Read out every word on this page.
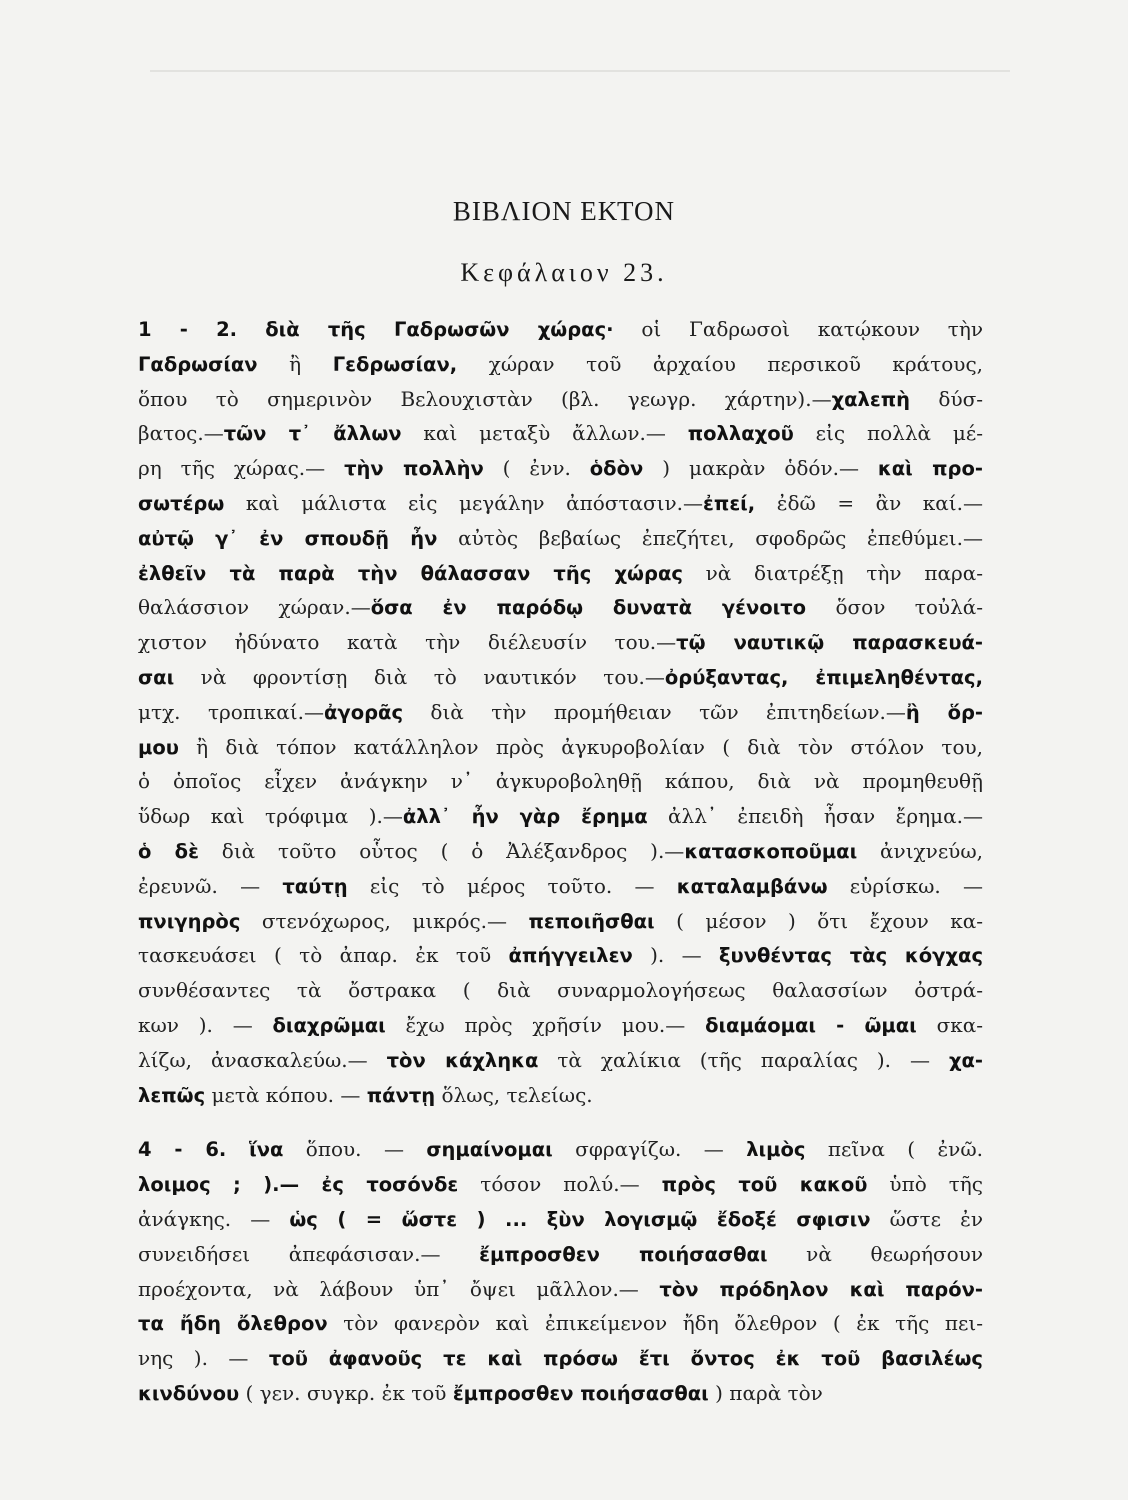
ΒΙΒΛΙΟΝ ΕΚΤΟΝ
Κεφάλαιον 23.
1 - 2. διὰ τῆς Γαδρωσῶν χώρας· οἱ Γαδρωσοὶ κατῴκουν τὴν
Γαδρωσίαν ἢ Γεδρωσίαν, χώραν τοῦ ἀρχαίου περσικοῦ κράτους,
ὅπου τὸ σημερινὸν Βελουχιστὰν (βλ. γεωγρ. χάρτην).—χαλεπὴ δύσ-
βατος.—τῶν τ᾽ ἄλλων καὶ μεταξὺ ἄλλων.— πολλαχοῦ εἰς πολλὰ μέ-
ρη τῆς χώρας.— τὴν πολλὴν ( ἐνν. ὁδὸν ) μακρὰν ὁδόν.— καὶ προ-
σωτέρω καὶ μάλιστα εἰς μεγάλην ἀπόστασιν.—ἐπεί, ἐδῶ = ἂν καί.—
αὐτῷ γ᾽ ἐν σπουδῇ ἦν αὐτὸς βεβαίως ἐπεζήτει, σφοδρῶς ἐπεθύμει.—
ἐλθεῖν τὰ παρὰ τὴν θάλασσαν τῆς χώρας νὰ διατρέξῃ τὴν παρα-
θαλάσσιον χώραν.—ὅσα ἐν παρόδῳ δυνατὰ γένοιτο ὅσον τοὐλά-
χιστον ἠδύνατο κατὰ τὴν διέλευσίν του.—τῷ ναυτικῷ παρασκευά-
σαι νὰ φροντίσῃ διὰ τὸ ναυτικόν του.—ὀρύξαντας, ἐπιμεληθέντας,
μτχ. τροπικαί.—ἀγορᾶς διὰ τὴν προμήθειαν τῶν ἐπιτηδείων.—ἢ ὅρ-
μου ἢ διὰ τόπον κατάλληλον πρὸς ἀγκυροβολίαν ( διὰ τὸν στόλον του,
ὁ ὁποῖος εἶχεν ἀνάγκην ν᾽ ἀγκυροβοληθῇ κάπου, διὰ νὰ προμηθευθῇ
ὕδωρ καὶ τρόφιμα ).—ἀλλ᾽ ἦν γὰρ ἔρημα ἀλλ᾽ ἐπειδὴ ἦσαν ἔρημα.—
ὁ δὲ διὰ τοῦτο οὗτος ( ὁ Ἀλέξανδρος ).—κατασκοποῦμαι ἀνιχνεύω,
ἐρευνῶ. — ταύτῃ εἰς τὸ μέρος τοῦτο. — καταλαμβάνω εὑρίσκω. —
πνιγηρὸς στενόχωρος, μικρός.— πεποιῆσθαι ( μέσον ) ὅτι ἔχουν κα-
τασκευάσει ( τὸ ἀπαρ. ἐκ τοῦ ἀπήγγειλεν ). — ξυνθέντας τὰς κόγχας
συνθέσαντες τὰ ὄστρακα ( διὰ συναρμολογήσεως θαλασσίων ὀστρά-
κων ). — διαχρῶμαι ἔχω πρὸς χρῆσίν μου.— διαμάομαι - ῶμαι σκα-
λίζω, ἀνασκαλεύω.— τὸν κάχληκα τὰ χαλίκια (τῆς παραλίας ). — χα-
λεπῶς μετὰ κόπου. — πάντῃ ὅλως, τελείως.
4 - 6. ἵνα ὅπου. — σημαίνομαι σφραγίζω. — λιμὸς πεῖνα ( ἐνῶ.
λοιμος ; ).— ἐς τοσόνδε τόσον πολύ.— πρὸς τοῦ κακοῦ ὑπὸ τῆς
ἀνάγκης. — ὡς ( = ὥστε ) ... ξὺν λογισμῷ ἔδοξέ σφισιν ὥστε ἐν
συνειδήσει ἀπεφάσισαν.— ἔμπροσθεν ποιήσασθαι νὰ θεωρήσουν
προέχοντα, νὰ λάβουν ὑπ᾽ ὄψει μᾶλλον.— τὸν πρόδηλον καὶ παρόν-
τα ἤδη ὄλεθρον τὸν φανερὸν καὶ ἐπικείμενον ἤδη ὄλεθρον ( ἐκ τῆς πει-
νης ). — τοῦ ἀφανοῦς τε καὶ πρόσω ἔτι ὄντος ἐκ τοῦ βασιλέως
κινδύνου ( γεν. συγκρ. ἐκ τοῦ ἔμπροσθεν ποιήσασθαι ) παρὰ τὸν
